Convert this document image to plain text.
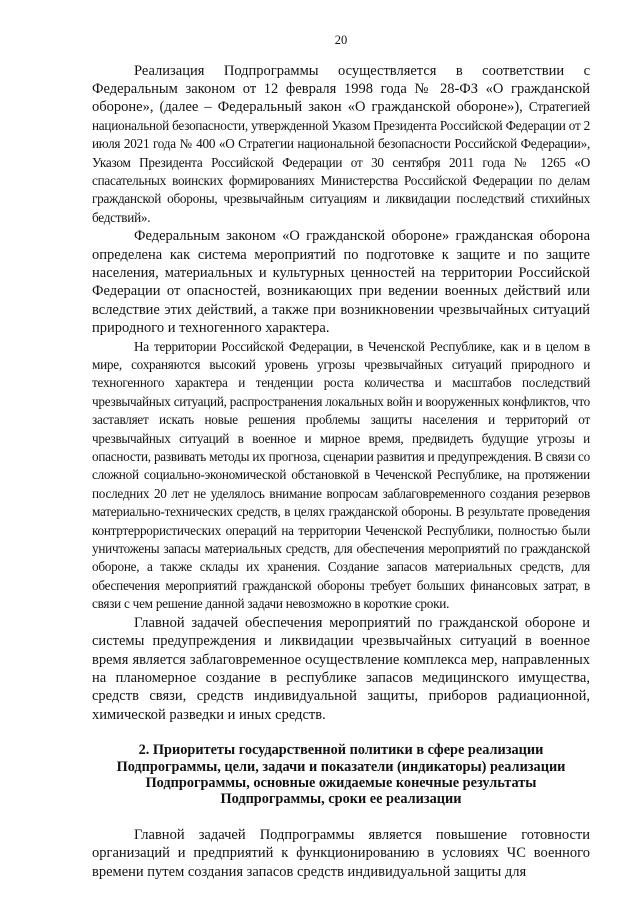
20

Реализация Подпрограммы осуществляется в соответствии с Федеральным законом от 12 февраля 1998 года № 28-ФЗ «О гражданской обороне», (далее – Федеральный закон «О гражданской обороне»), Стратегией национальной безопасности, утвержденной Указом Президента Российской Федерации от 2 июля 2021 года № 400 «О Стратегии национальной безопасности Российской Федерации», Указом Президента Российской Федерации от 30 сентября 2011 года № 1265 «О спасательных воинских формированиях Министерства Российской Федерации по делам гражданской обороны, чрезвычайным ситуациям и ликвидации последствий стихийных бедствий».

Федеральным законом «О гражданской обороне» гражданская оборона определена как система мероприятий по подготовке к защите и по защите населения, материальных и культурных ценностей на территории Российской Федерации от опасностей, возникающих при ведении военных действий или вследствие этих действий, а также при возникновении чрезвычайных ситуаций природного и техногенного характера.

На территории Российской Федерации, в Чеченской Республике, как и в целом в мире, сохраняются высокий уровень угрозы чрезвычайных ситуаций природного и техногенного характера и тенденции роста количества и масштабов последствий чрезвычайных ситуаций, распространения локальных войн и вооруженных конфликтов, что заставляет искать новые решения проблемы защиты населения и территорий от чрезвычайных ситуаций в военное и мирное время, предвидеть будущие угрозы и опасности, развивать методы их прогноза, сценарии развития и предупреждения. В связи со сложной социально-экономической обстановкой в Чеченской Республике, на протяжении последних 20 лет не уделялось внимание вопросам заблаговременного создания резервов материально-технических средств, в целях гражданской обороны. В результате проведения контртеррористических операций на территории Чеченской Республики, полностью были уничтожены запасы материальных средств, для обеспечения мероприятий по гражданской обороне, а также склады их хранения. Создание запасов материальных средств, для обеспечения мероприятий гражданской обороны требует больших финансовых затрат, в связи с чем решение данной задачи невозможно в короткие сроки.

Главной задачей обеспечения мероприятий по гражданской обороне и системы предупреждения и ликвидации чрезвычайных ситуаций в военное время является заблаговременное осуществление комплекса мер, направленных на планомерное создание в республике запасов медицинского имущества, средств связи, средств индивидуальной защиты, приборов радиационной, химической разведки и иных средств.

2. Приоритеты государственной политики в сфере реализации
Подпрограммы, цели, задачи и показатели (индикаторы) реализации
Подпрограммы, основные ожидаемые конечные результаты
Подпрограммы, сроки ее реализации

Главной задачей Подпрограммы является повышение готовности организаций и предприятий к функционированию в условиях ЧС военного времени путем создания запасов средств индивидуальной защиты для
